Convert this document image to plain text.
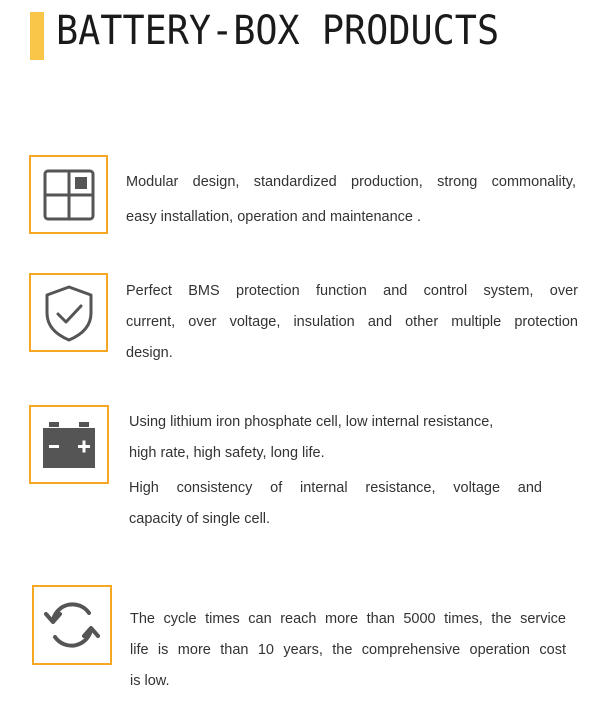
BATTERY-BOX PRODUCTS
Modular design, standardized production, strong commonality,
easy installation, operation and maintenance .
Perfect BMS protection function and control system, over
current, over voltage, insulation and other multiple protection
design.
Using lithium iron phosphate cell, low internal resistance,
high rate, high safety, long life.
High consistency of internal resistance, voltage and
capacity of single cell.
The cycle times can reach more than 5000 times, the service
life is more than 10 years, the comprehensive operation cost
is low.
